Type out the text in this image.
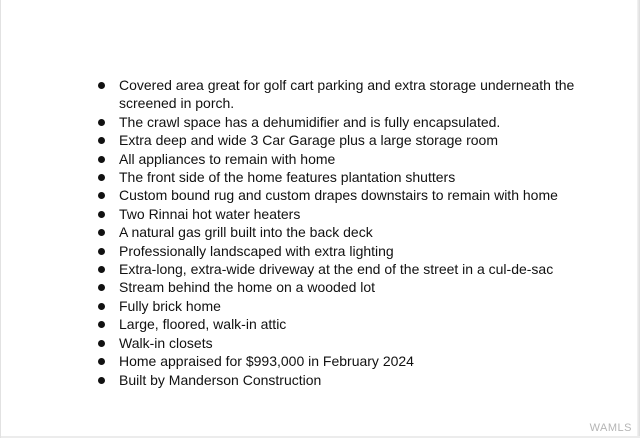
Covered area great for golf cart parking and extra storage underneath the screened in porch.
The crawl space has a dehumidifier and is fully encapsulated.
Extra deep and wide 3 Car Garage plus a large storage room
All appliances to remain with home
The front side of the home features plantation shutters
Custom bound rug and custom drapes downstairs to remain with home
Two Rinnai hot water heaters
A natural gas grill built into the back deck
Professionally landscaped with extra lighting
Extra-long, extra-wide driveway at the end of the street in a cul-de-sac
Stream behind the home on a wooded lot
Fully brick home
Large, floored, walk-in attic
Walk-in closets
Home appraised for $993,000 in February 2024
Built by Manderson Construction
WAMLS
